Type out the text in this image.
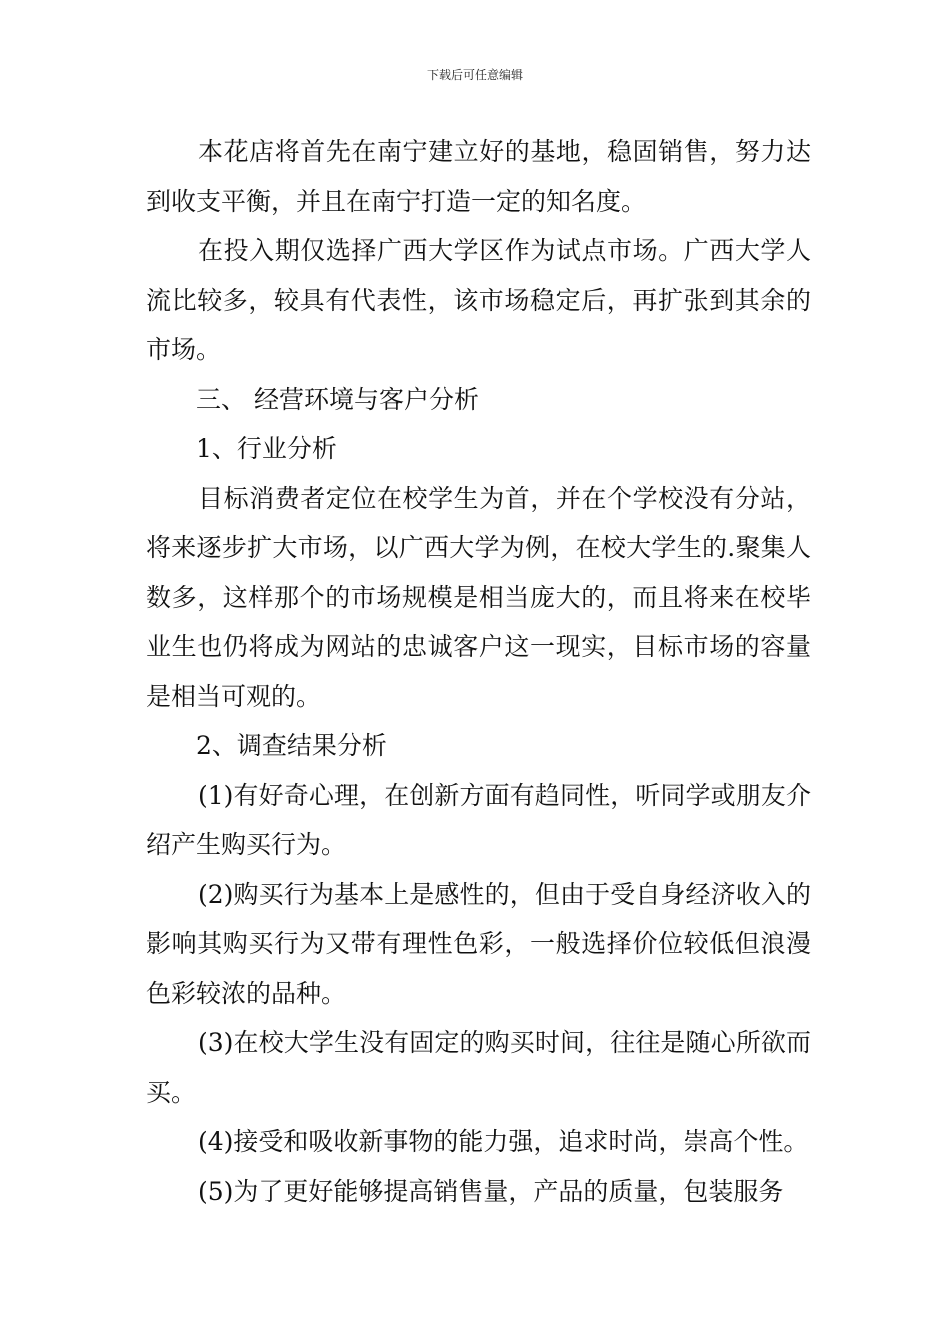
下载后可任意编辑

本花店将首先在南宁建立好的基地，稳固销售，努力达到收支平衡，并且在南宁打造一定的知名度。

在投入期仅选择广西大学区作为试点市场。广西大学人流比较多，较具有代表性，该市场稳定后，再扩张到其余的市场。

三、 经营环境与客户分析

1、行业分析

目标消费者定位在校学生为首，并在个学校没有分站，将来逐步扩大市场，以广西大学为例，在校大学生的.聚集人数多，这样那个的市场规模是相当庞大的，而且将来在校毕业生也仍将成为网站的忠诚客户这一现实，目标市场的容量是相当可观的。

2、调查结果分析

(1)有好奇心理，在创新方面有趋同性，听同学或朋友介绍产生购买行为。

(2)购买行为基本上是感性的，但由于受自身经济收入的影响其购买行为又带有理性色彩，一般选择价位较低但浪漫色彩较浓的品种。

(3)在校大学生没有固定的购买时间，往往是随心所欲而买。

(4)接受和吸收新事物的能力强，追求时尚，崇高个性。

(5)为了更好能够提高销售量，产品的质量，包装服务
